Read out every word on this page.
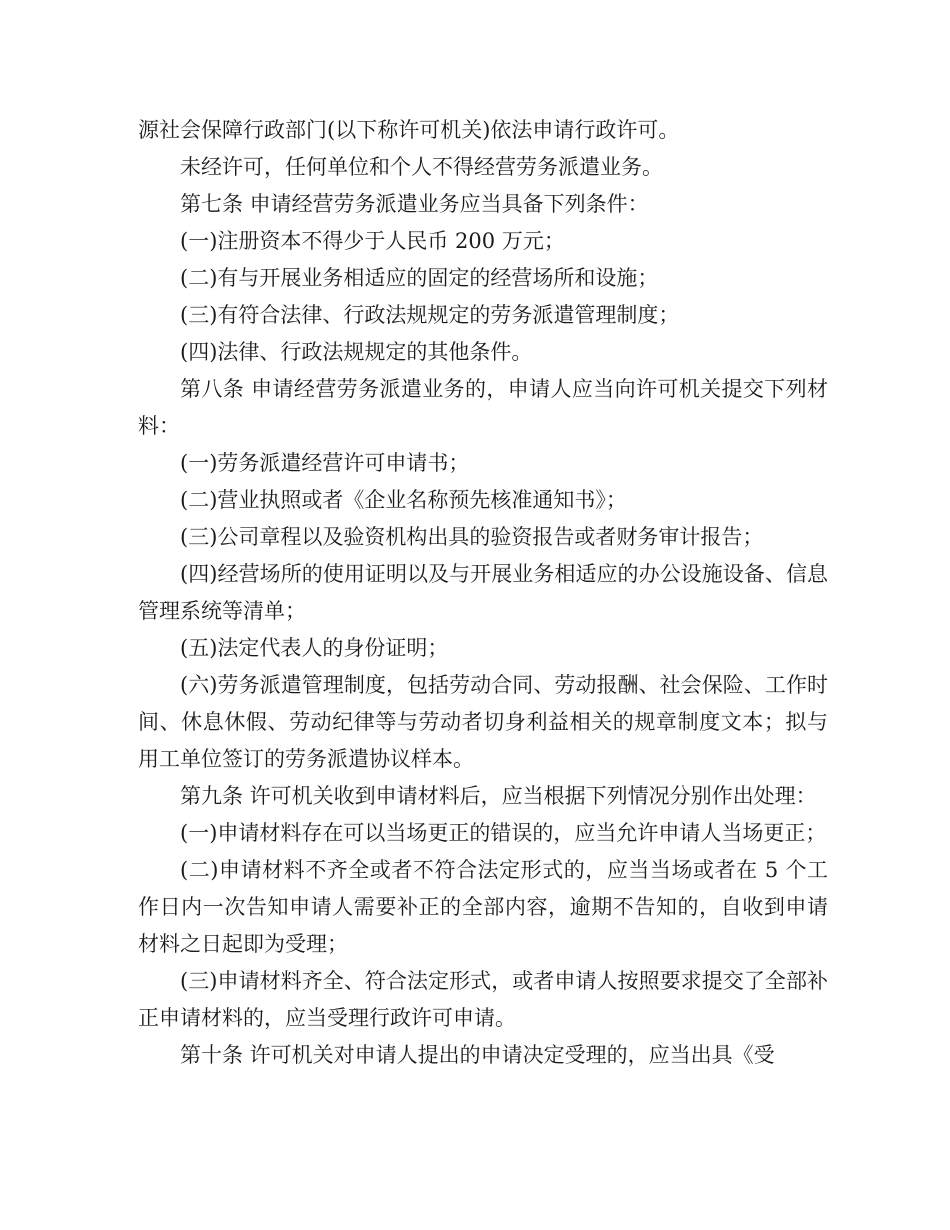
源社会保障行政部门(以下称许可机关)依法申请行政许可。

未经许可，任何单位和个人不得经营劳务派遣业务。

第七条 申请经营劳务派遣业务应当具备下列条件：

(一)注册资本不得少于人民币 200 万元；

(二)有与开展业务相适应的固定的经营场所和设施；

(三)有符合法律、行政法规规定的劳务派遣管理制度；

(四)法律、行政法规规定的其他条件。

第八条 申请经营劳务派遣业务的，申请人应当向许可机关提交下列材料：

(一)劳务派遣经营许可申请书；

(二)营业执照或者《企业名称预先核准通知书》；

(三)公司章程以及验资机构出具的验资报告或者财务审计报告；

(四)经营场所的使用证明以及与开展业务相适应的办公设施设备、信息管理系统等清单；

(五)法定代表人的身份证明；

(六)劳务派遣管理制度，包括劳动合同、劳动报酬、社会保险、工作时间、休息休假、劳动纪律等与劳动者切身利益相关的规章制度文本；拟与用工单位签订的劳务派遣协议样本。

第九条 许可机关收到申请材料后，应当根据下列情况分别作出处理：

(一)申请材料存在可以当场更正的错误的，应当允许申请人当场更正；

(二)申请材料不齐全或者不符合法定形式的，应当当场或者在 5 个工作日内一次告知申请人需要补正的全部内容，逾期不告知的，自收到申请材料之日起即为受理；

(三)申请材料齐全、符合法定形式，或者申请人按照要求提交了全部补正申请材料的，应当受理行政许可申请。

第十条 许可机关对申请人提出的申请决定受理的，应当出具《受
